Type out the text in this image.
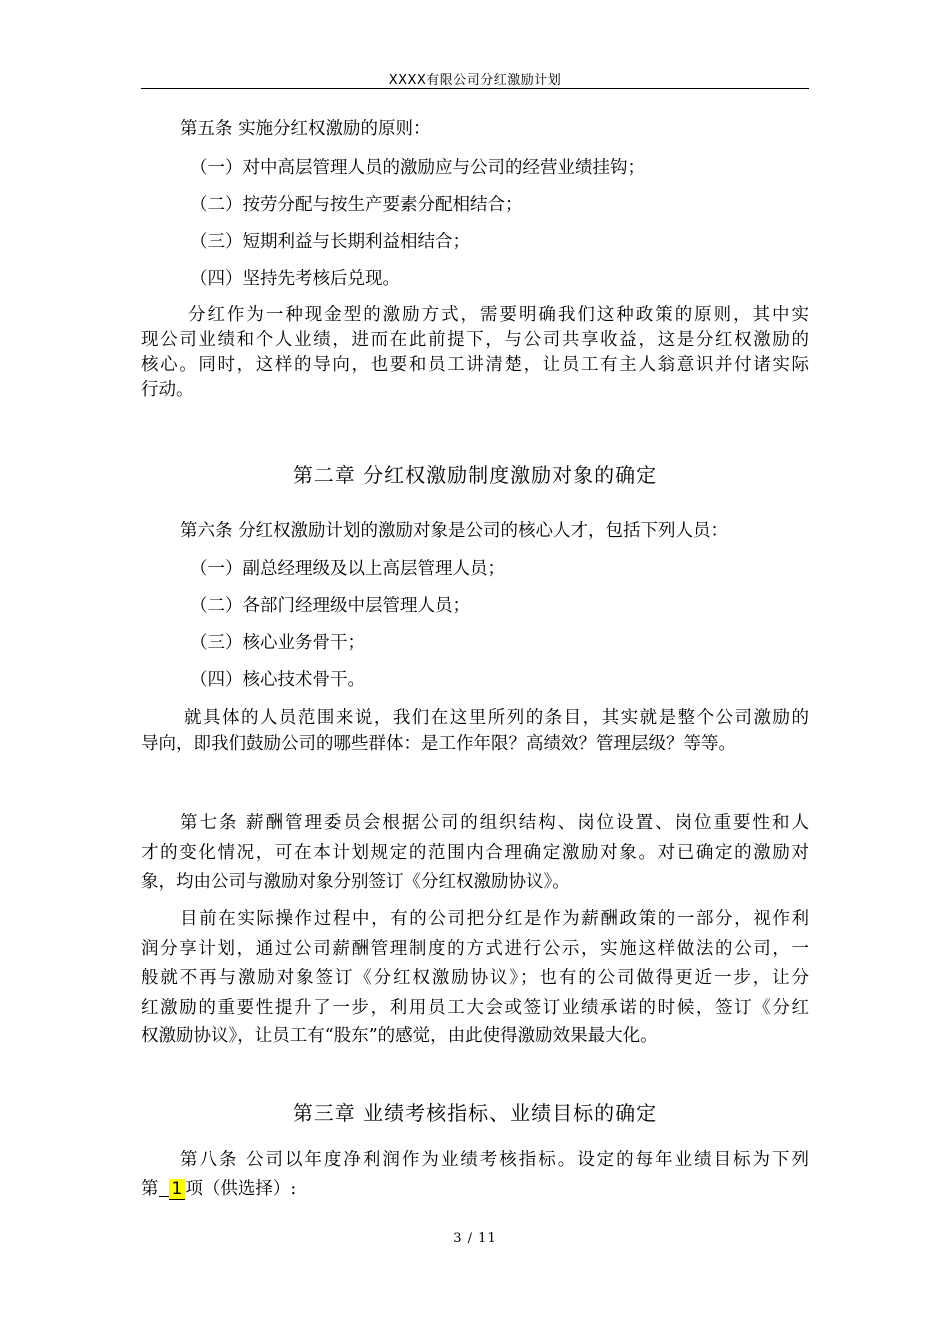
XXXX有限公司分红激励计划
第五条 实施分红权激励的原则：
（一）对中高层管理人员的激励应与公司的经营业绩挂钩；
（二）按劳分配与按生产要素分配相结合；
（三）短期利益与长期利益相结合；
（四）坚持先考核后兑现。
分红作为一种现金型的激励方式，需要明确我们这种政策的原则，其中实
现公司业绩和个人业绩，进而在此前提下，与公司共享收益，这是分红权激励的
核心。同时，这样的导向，也要和员工讲清楚，让员工有主人翁意识并付诸实际
行动。
第二章 分红权激励制度激励对象的确定
第六条 分红权激励计划的激励对象是公司的核心人才，包括下列人员：
（一）副总经理级及以上高层管理人员；
（二）各部门经理级中层管理人员；
（三）核心业务骨干；
（四）核心技术骨干。
就具体的人员范围来说，我们在这里所列的条目，其实就是整个公司激励的
导向，即我们鼓励公司的哪些群体：是工作年限？高绩效？管理层级？等等。
第七条 薪酬管理委员会根据公司的组织结构、岗位设置、岗位重要性和人
才的变化情况，可在本计划规定的范围内合理确定激励对象。对已确定的激励对
象，均由公司与激励对象分别签订《分红权激励协议》。
目前在实际操作过程中，有的公司把分红是作为薪酬政策的一部分，视作利
润分享计划，通过公司薪酬管理制度的方式进行公示，实施这样做法的公司，一
般就不再与激励对象签订《分红权激励协议》；也有的公司做得更近一步，让分
红激励的重要性提升了一步，利用员工大会或签订业绩承诺的时候，签订《分红
权激励协议》，让员工有“股东”的感觉，由此使得激励效果最大化。
第三章 业绩考核指标、业绩目标的确定
第八条 公司以年度净利润作为业绩考核指标。设定的每年业绩目标为下列
第 1 项（供选择）:
3 / 11
